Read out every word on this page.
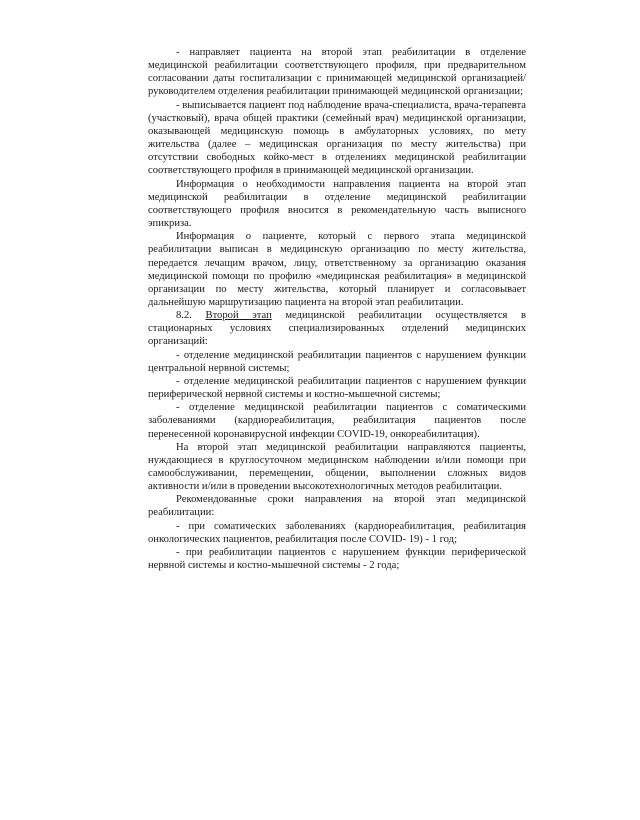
- направляет пациента на второй этап реабилитации в отделение медицинской реабилитации соответствующего профиля, при предварительном согласовании даты госпитализации с принимающей медицинской организацией/руководителем отделения реабилитации принимающей медицинской организации;

- выписывается пациент под наблюдение врача-специалиста, врача-терапевта (участковый), врача общей практики (семейный врач) медицинской организации, оказывающей медицинскую помощь в амбулаторных условиях, по мету жительства (далее – медицинская организация по месту жительства) при отсутствии свободных койко-мест в отделениях медицинской реабилитации соответствующего профиля в принимающей медицинской организации.

Информация о необходимости направления пациента на второй этап медицинской реабилитации в отделение медицинской реабилитации соответствующего профиля вносится в рекомендательную часть выписного эпикриза.

Информация о пациенте, который с первого этапа медицинской реабилитации выписан в медицинскую организацию по месту жительства, передается лечащим врачом, лицу, ответственному за организацию оказания медицинской помощи по профилю «медицинская реабилитация» в медицинской организации по месту жительства, который планирует и согласовывает дальнейшую маршрутизацию пациента на второй этап реабилитации.

8.2. Второй этап медицинской реабилитации осуществляется в стационарных условиях специализированных отделений медицинских организаций:

- отделение медицинской реабилитации пациентов с нарушением функции центральной нервной системы;

- отделение медицинской реабилитации пациентов с нарушением функции периферической нервной системы и костно-мышечной системы;

- отделение медицинской реабилитации пациентов с соматическими заболеваниями (кардиореабилитация, реабилитация пациентов после перенесенной коронавирусной инфекции COVID-19, онкореабилитация).

На второй этап медицинской реабилитации направляются пациенты, нуждающиеся в круглосуточном медицинском наблюдении и/или помощи при самообслуживании, перемещении, общении, выполнении сложных видов активности и/или в проведении высокотехнологичных методов реабилитации.

Рекомендованные сроки направления на второй этап медицинской реабилитации:

- при соматических заболеваниях (кардиореабилитация, реабилитация онкологических пациентов, реабилитация после COVID- 19) - 1 год;

- при реабилитации пациентов с нарушением функции периферической нервной системы и костно-мышечной системы - 2 года;
